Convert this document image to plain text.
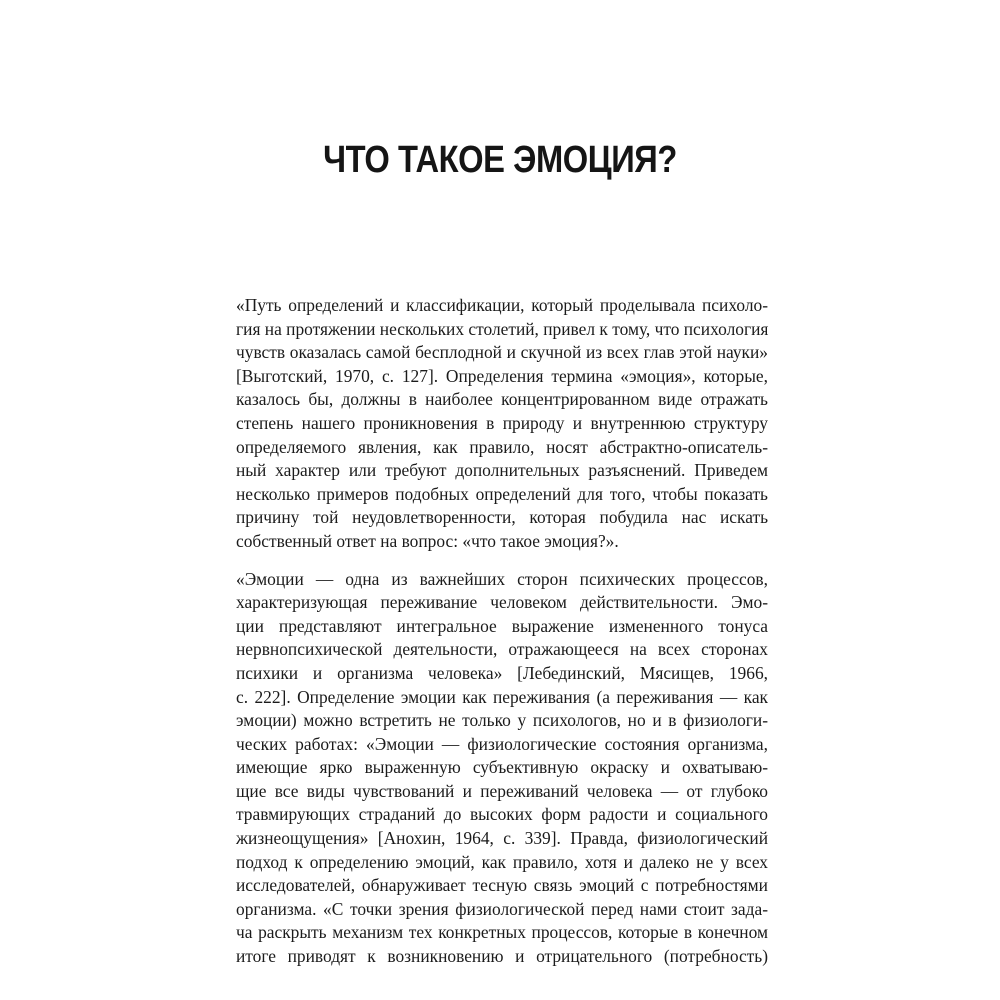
ЧТО ТАКОЕ ЭМОЦИЯ?
«Путь определений и классификации, который проделывала психоло-
гия на протяжении нескольких столетий, привел к тому, что психология
чувств оказалась самой бесплодной и скучной из всех глав этой науки»
[Выготский, 1970, с. 127]. Определения термина «эмоция», которые,
казалось бы, должны в наиболее концентрированном виде отражать
степень нашего проникновения в природу и внутреннюю структуру
определяемого явления, как правило, носят абстрактно-описатель-
ный характер или требуют дополнительных разъяснений. Приведем
несколько примеров подобных определений для того, чтобы показать
причину той неудовлетворенности, которая побудила нас искать
собственный ответ на вопрос: «что такое эмоция?».
«Эмоции — одна из важнейших сторон психических процессов,
характеризующая переживание человеком действительности. Эмо-
ции представляют интегральное выражение измененного тонуса
нервнопсихической деятельности, отражающееся на всех сторонах
психики и организма человека» [Лебединский, Мясищев, 1966,
с. 222]. Определение эмоции как переживания (а переживания — как
эмоции) можно встретить не только у психологов, но и в физиологи-
ческих работах: «Эмоции — физиологические состояния организма,
имеющие ярко выраженную субъективную окраску и охватываю-
щие все виды чувствований и переживаний человека — от глубоко
травмирующих страданий до высоких форм радости и социального
жизнеощущения» [Анохин, 1964, с. 339]. Правда, физиологический
подход к определению эмоций, как правило, хотя и далеко не у всех
исследователей, обнаруживает тесную связь эмоций с потребностями
организма. «С точки зрения физиологической перед нами стоит зада-
ча раскрыть механизм тех конкретных процессов, которые в конечном
итоге приводят к возникновению и отрицательного (потребность)
